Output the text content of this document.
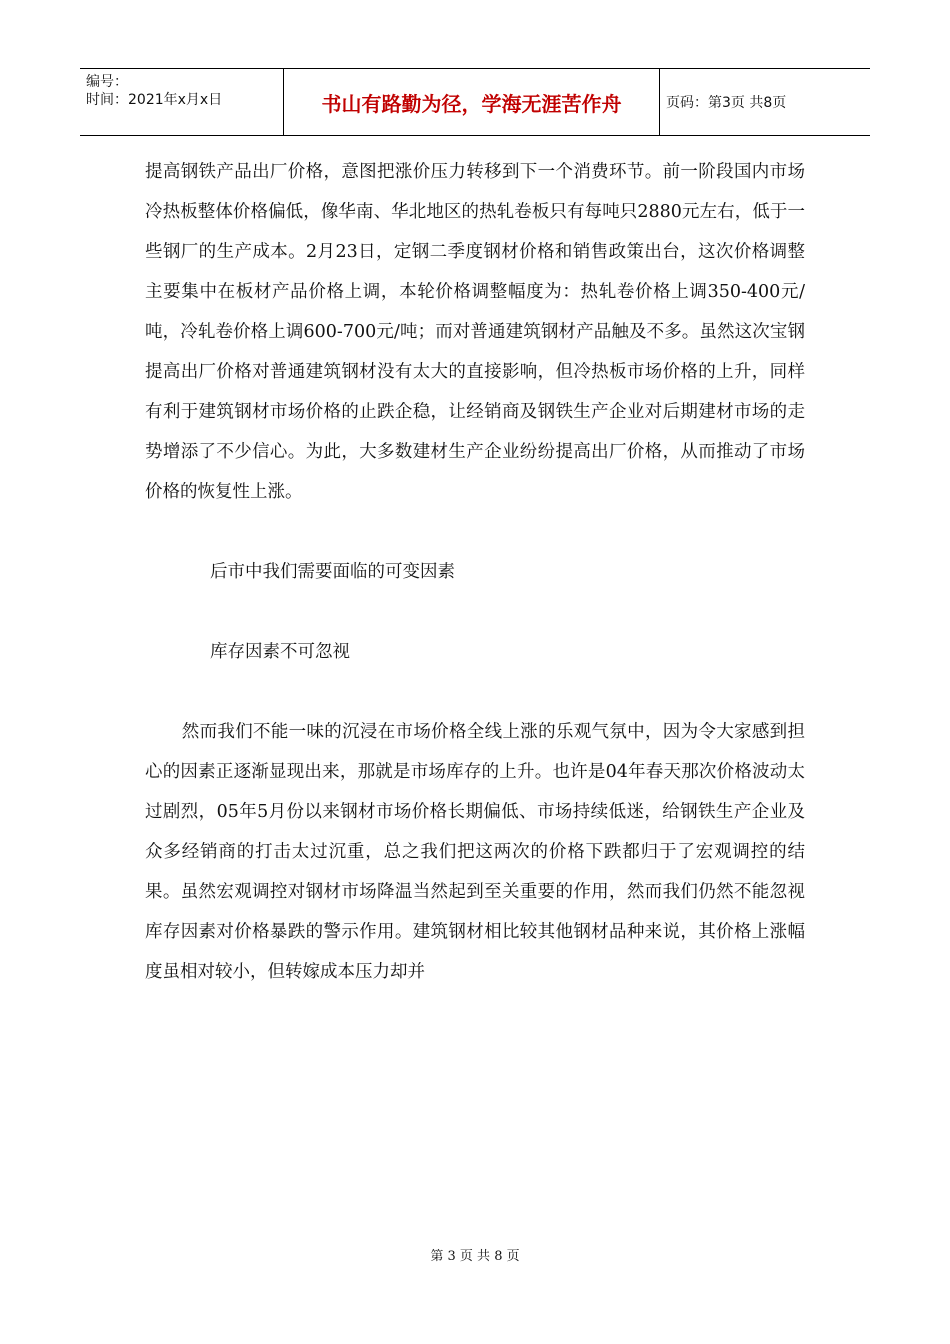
编号：
时间：2021年x月x日	书山有路勤为径，学海无涯苦作舟	页码：第3页 共8页

提高钢铁产品出厂价格，意图把涨价压力转移到下一个消费环节。前一阶段国内市场冷热板整体价格偏低，像华南、华北地区的热轧卷板只有每吨只2880元左右，低于一些钢厂的生产成本。2月23日，定钢二季度钢材价格和销售政策出台，这次价格调整主要集中在板材产品价格上调，本轮价格调整幅度为：热轧卷价格上调350-400元/吨，冷轧卷价格上调600-700元/吨；而对普通建筑钢材产品触及不多。虽然这次宝钢提高出厂价格对普通建筑钢材没有太大的直接影响，但冷热板市场价格的上升，同样有利于建筑钢材市场价格的止跌企稳，让经销商及钢铁生产企业对后期建材市场的走势增添了不少信心。为此，大多数建材生产企业纷纷提高出厂价格，从而推动了市场价格的恢复性上涨。

后市中我们需要面临的可变因素

库存因素不可忽视

然而我们不能一味的沉浸在市场价格全线上涨的乐观气氛中，因为令大家感到担心的因素正逐渐显现出来，那就是市场库存的上升。也许是04年春天那次价格波动太过剧烈，05年5月份以来钢材市场价格长期偏低、市场持续低迷，给钢铁生产企业及众多经销商的打击太过沉重，总之我们把这两次的价格下跌都归于了宏观调控的结果。虽然宏观调控对钢材市场降温当然起到至关重要的作用，然而我们仍然不能忽视库存因素对价格暴跌的警示作用。建筑钢材相比较其他钢材品种来说，其价格上涨幅度虽相对较小，但转嫁成本压力却并

第 3 页 共 8 页
